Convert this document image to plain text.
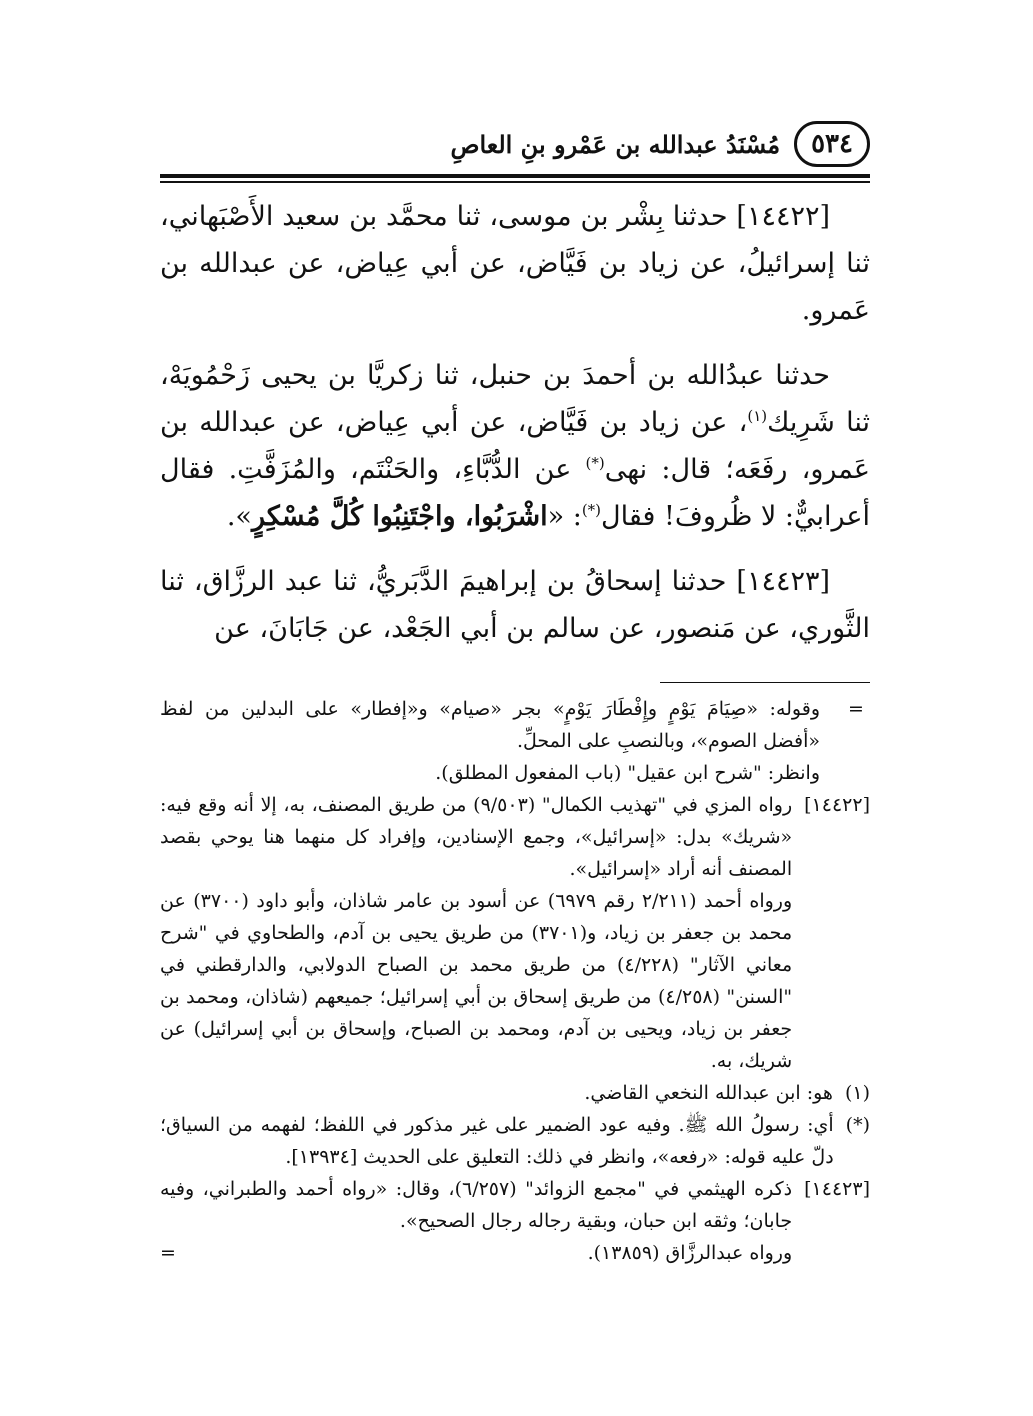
٥٣٤
مُسْنَدُ عبدالله بن عَمْرو بنِ العاصِ

[١٤٤٢٢] حدثنا بِشْر بن موسى، ثنا محمَّد بن سعيد الأَصْبَهاني، ثنا إسرائيلُ، عن زياد بن فَيَّاض، عن أبي عِياض، عن عبدالله بن عَمرو.

حدثنا عبدُالله بن أحمدَ بن حنبل، ثنا زكريَّا بن يحيى زَحْمُويَهْ، ثنا شَرِيك$^{(١)}$، عن زياد بن فَيَّاض، عن أبي عِياض، عن عبدالله بن عَمرو، رفَعَه؛ قال: نهى(*) عن الدُّبَّاءِ، والحَنْتَم، والمُزَفَّتِ. فقال أعرابيٌّ: لا ظُروفَ! فقال(*): «اشْرَبُوا، واجْتَنِبُوا كُلَّ مُسْكِرٍ».

[١٤٤٢٣] حدثنا إسحاقُ بن إبراهيمَ الدَّبَريُّ، ثنا عبد الرزَّاق، ثنا الثَّوري، عن مَنصور، عن سالم بن أبي الجَعْد، عن جَابَانَ، عن

=
وقوله: «صِيَامَ يَوْمٍ وإِفْطَارَ يَوْمٍ» بجر «صيام» و«إفطار» على البدلين من لفظ «أفضل الصوم»، وبالنصبِ على المحلِّ.
وانظر: "شرح ابن عقيل" (باب المفعول المطلق).
[١٤٤٢٢]
رواه المزي في "تهذيب الكمال" (٩/٥٠٣) من طريق المصنف، به، إلا أنه وقع فيه: «شريك» بدل: «إسرائيل»، وجمع الإسنادين، وإفراد كل منهما هنا يوحي بقصد المصنف أنه أراد «إسرائيل».
ورواه أحمد (٢/٢١١ رقم ٦٩٧٩) عن أسود بن عامر شاذان، وأبو داود (٣٧٠٠) عن محمد بن جعفر بن زياد، و(٣٧٠١) من طريق يحيى بن آدم، والطحاوي في "شرح معاني الآثار" (٤/٢٢٨) من طريق محمد بن الصباح الدولابي، والدارقطني في "السنن" (٤/٢٥٨) من طريق إسحاق بن أبي إسرائيل؛ جميعهم (شاذان، ومحمد بن جعفر بن زياد، ويحيى بن آدم، ومحمد بن الصباح، وإسحاق بن أبي إسرائيل) عن شريك، به.
(١)
هو: ابن عبدالله النخعي القاضي.
(*)
أي: رسولُ الله ﷺ. وفيه عود الضمير على غير مذكور في اللفظ؛ لفهمه من السياق؛ دلّ عليه قوله: «رفعه»، وانظر في ذلك: التعليق على الحديث [١٣٩٣٤].
[١٤٤٢٣]
ذكره الهيثمي في "مجمع الزوائد" (٦/٢٥٧)، وقال: «رواه أحمد والطبراني، وفيه جابان؛ وثقه ابن حبان، وبقية رجاله رجال الصحيح».
ورواه عبدالرزَّاق (١٣٨٥٩).
=
